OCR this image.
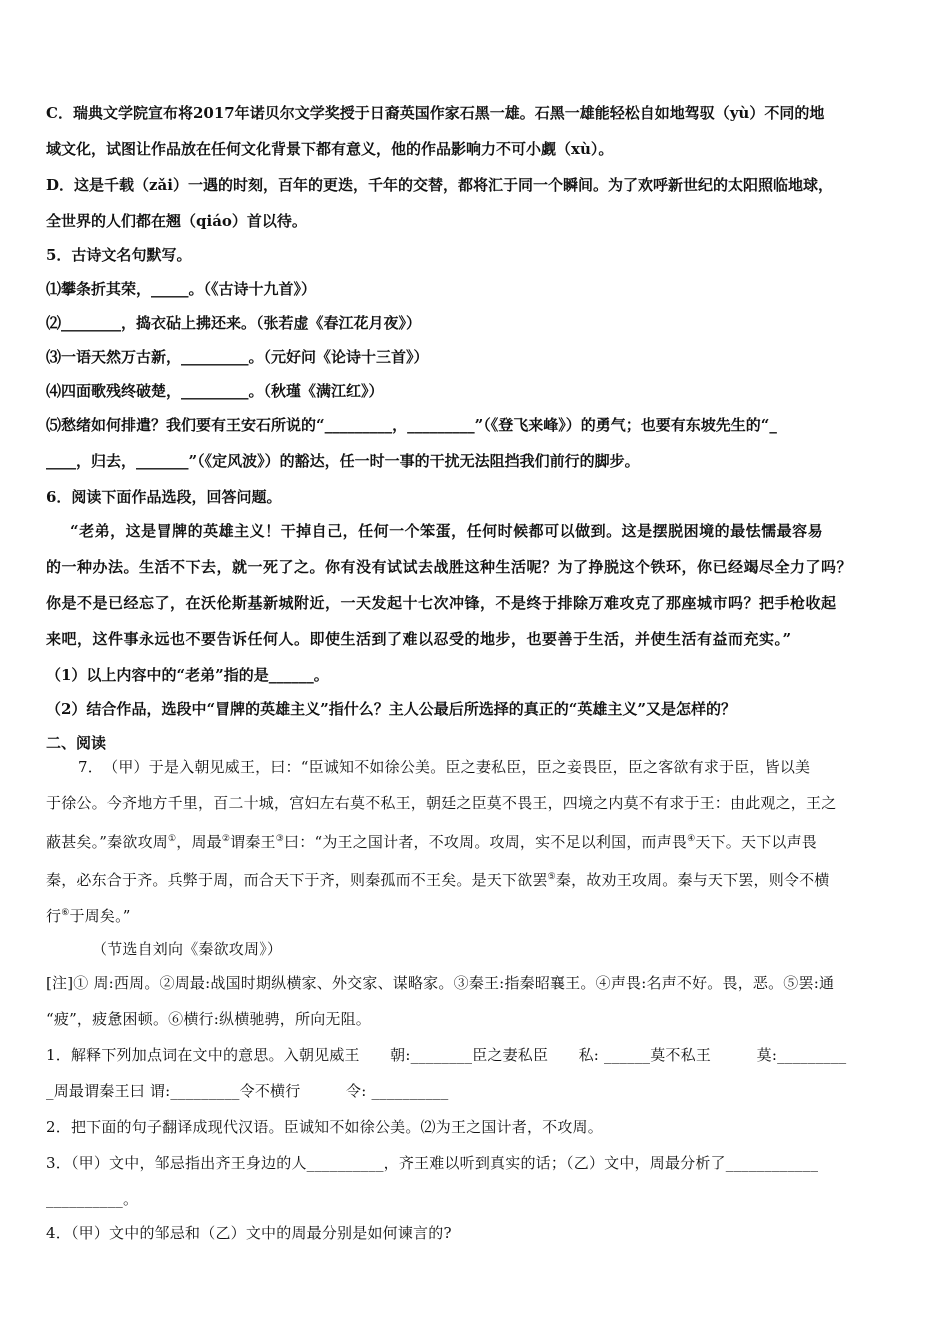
C．瑞典文学院宣布将2017年诺贝尔文学奖授于日裔英国作家石黑一雄。石黑一雄能轻松自如地驾驭（yù）不同的地
域文化，试图让作品放在任何文化背景下都有意义，他的作品影响力不可小觑（xù）。
D．这是千载（zǎi）一遇的时刻，百年的更迭，千年的交替，都将汇于同一个瞬间。为了欢呼新世纪的太阳照临地球，
全世界的人们都在翘（qiáo）首以待。
5．古诗文名句默写。
⑴攀条折其荣，_____。（《古诗十九首》）
⑵________，捣衣砧上拂还来。（张若虚《春江花月夜》）
⑶一语天然万古新，_________。（元好问《论诗十三首》）
⑷四面歌残终破楚，_________。（秋瑾《满江红》）
⑸愁绪如何排遣？我们要有王安石所说的“_________，_________”（《登飞来峰》）的勇气；也要有东坡先生的“_
____，归去，_______”（《定风波》）的豁达，任一时一事的干扰无法阻挡我们前行的脚步。
6．阅读下面作品选段，回答问题。
“老弟，这是冒牌的英雄主义！干掉自己，任何一个笨蛋，任何时候都可以做到。这是摆脱困境的最怯懦最容易
的一种办法。生活不下去，就一死了之。你有没有试试去战胜这种生活呢？为了挣脱这个铁环，你已经竭尽全力了吗？
你是不是已经忘了，在沃伦斯基新城附近，一天发起十七次冲锋，不是终于排除万难攻克了那座城市吗？把手枪收起
来吧，这件事永远也不要告诉任何人。即使生活到了难以忍受的地步，也要善于生活，并使生活有益而充实。”
（1）以上内容中的“老弟”指的是______。
（2）结合作品，选段中“冒牌的英雄主义”指什么？主人公最后所选择的真正的“英雄主义”又是怎样的？
二、阅读
7．　（甲）于是入朝见威王，曰：“臣诚知不如徐公美。臣之妻私臣，臣之妾畏臣，臣之客欲有求于臣，皆以美
于徐公。今齐地方千里，百二十城，宫妇左右莫不私王，朝廷之臣莫不畏王，四境之内莫不有求于王：由此观之，王之
蔽甚矣。”秦欲攻周①，周最②谓秦王③曰：“为王之国计者，不攻周。攻周，实不足以利国，而声畏④天下。天下以声畏
秦，必东合于齐。兵弊于周，而合天下于齐，则秦孤而不王矣。是天下欲罢⑤秦，故劝王攻周。秦与天下罢，则令不横
行⑥于周矣。”
（节选自刘向《秦欲攻周》）
[注]① 周:西周。②周最:战国时期纵横家、外交家、谋略家。③秦王:指秦昭襄王。④声畏:名声不好。畏，恶。⑤罢:通
“疲”，疲惫困顿。⑥横行:纵横驰骋，所向无阻。
1．解释下列加点词在文中的意思。入朝见威王　　朝:________臣之妻私臣　　私: ______莫不私王　　　莫:_________
_周最谓秦王曰 谓:_________令不横行　　　令: __________
2．把下面的句子翻译成现代汉语。臣诚知不如徐公美。⑵为王之国计者，不攻周。
3．（甲）文中，邹忌指出齐王身边的人__________，齐王难以听到真实的话；（乙）文中，周最分析了____________
__________。
4．（甲）文中的邹忌和（乙）文中的周最分别是如何谏言的?
